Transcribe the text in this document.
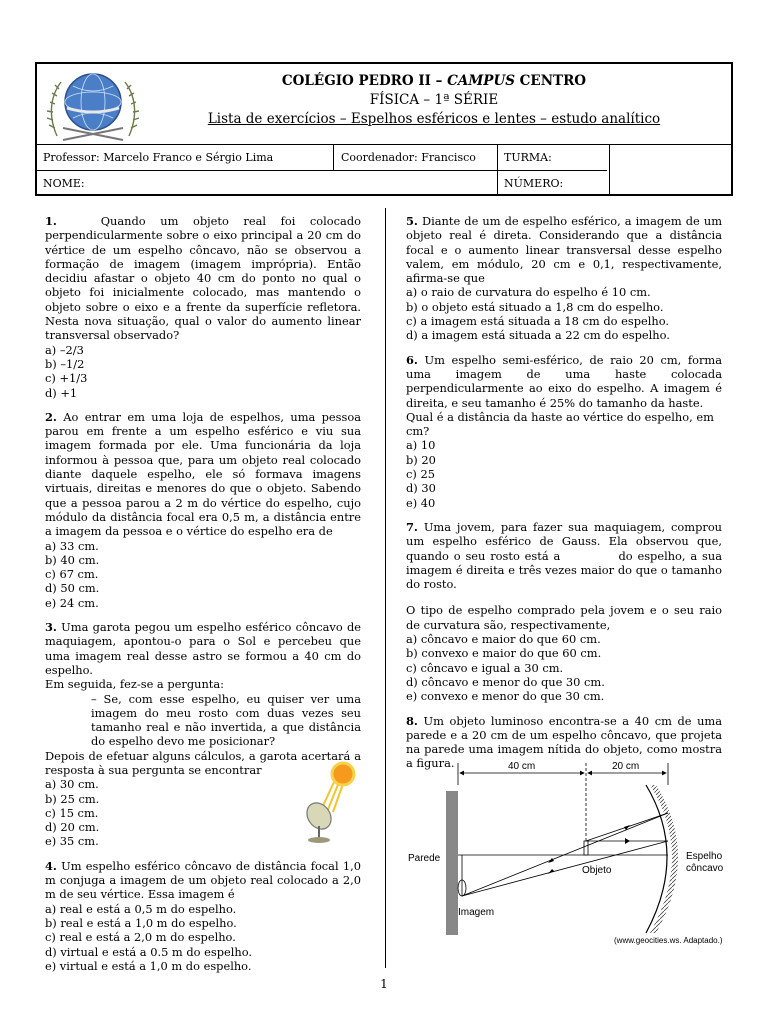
COLÉGIO PEDRO II – CAMPUS CENTRO
FÍSICA – 1ª SÉRIE
Lista de exercícios – Espelhos esféricos e lentes – estudo analítico
Professor: Marcelo Franco e Sérgio Lima	Coordenador: Francisco	TURMA:
NOME:	NÚMERO:

1.	Quando um objeto real foi colocado perpendicularmente sobre o eixo principal a 20 cm do vértice de um espelho côncavo, não se observou a formação de imagem (imagem imprópria). Então decidiu afastar o objeto 40 cm do ponto no qual o objeto foi inicialmente colocado, mas mantendo o objeto sobre o eixo e a frente da superfície refletora. Nesta nova situação, qual o valor do aumento linear transversal observado?

a) –2/3
b) –1/2
c) +1/3
d) +1

2. Ao entrar em uma loja de espelhos, uma pessoa parou em frente a um espelho esférico e viu sua imagem formada por ele. Uma funcionária da loja informou à pessoa que, para um objeto real colocado diante daquele espelho, ele só formava imagens virtuais, direitas e menores do que o objeto. Sabendo que a pessoa parou a 2 m do vértice do espelho, cujo módulo da distância focal era 0,5 m, a distância entre a imagem da pessoa e o vértice do espelho era de

a) 33 cm.
b) 40 cm.
c) 67 cm.
d) 50 cm.
e) 24 cm.

3. Uma garota pegou um espelho esférico côncavo de maquiagem, apontou-o para o Sol e percebeu que uma imagem real desse astro se formou a 40 cm do espelho.

Em seguida, fez-se a pergunta:

– Se, com esse espelho, eu quiser ver uma imagem do meu rosto com duas vezes seu tamanho real e não invertida, a que distância do espelho devo me posicionar?

Depois de efetuar alguns cálculos, a garota acertará a resposta à sua pergunta se encontrar

a) 30 cm.
b) 25 cm.
c) 15 cm.
d) 20 cm.
e) 35 cm.

4. Um espelho esférico côncavo de distância focal 1,0 m conjuga a imagem de um objeto real colocado a 2,0 m de seu vértice. Essa imagem é

a) real e está a 0,5 m do espelho.
b) real e está a 1,0 m do espelho.
c) real e está a 2,0 m do espelho.
d) virtual e está a 0.5 m do espelho.
e) virtual e está a 1,0 m do espelho.

5. Diante de um de espelho esférico, a imagem de um objeto real é direta. Considerando que a distância focal e o aumento linear transversal desse espelho valem, em módulo, 20 cm e 0,1, respectivamente, afirma-se que

a) o raio de curvatura do espelho é 10 cm.
b) o objeto está situado a 1,8 cm do espelho.
c) a imagem está situada a 18 cm do espelho.
d) a imagem está situada a 22 cm do espelho.

6. Um espelho semi-esférico, de raio 20 cm, forma uma imagem de uma haste colocada perpendicularmente ao eixo do espelho. A imagem é direita, e seu tamanho é 25% do tamanho da haste.

Qual é a distância da haste ao vértice do espelho, em cm?

a) 10
b) 20
c) 25
d) 30
e) 40

7. Uma jovem, para fazer sua maquiagem, comprou um espelho esférico de Gauss. Ela observou que, quando o seu rosto está a	do espelho, a sua imagem é direita e três vezes maior do que o tamanho do rosto.

O tipo de espelho comprado pela jovem e o seu raio de curvatura são, respectivamente,

a) côncavo e maior do que 60 cm.
b) convexo e maior do que 60 cm.
c) côncavo e igual a 30 cm.
d) côncavo e menor do que 30 cm.
e) convexo e menor do que 30 cm.

8. Um objeto luminoso encontra-se a 40 cm de uma parede e a 20 cm de um espelho côncavo, que projeta na parede uma imagem nítida do objeto, como mostra a figura.

Parede
40 cm	20 cm
Espelho
côncavo
Objeto
Imagem
(www.geocities.ws. Adaptado.)
1
